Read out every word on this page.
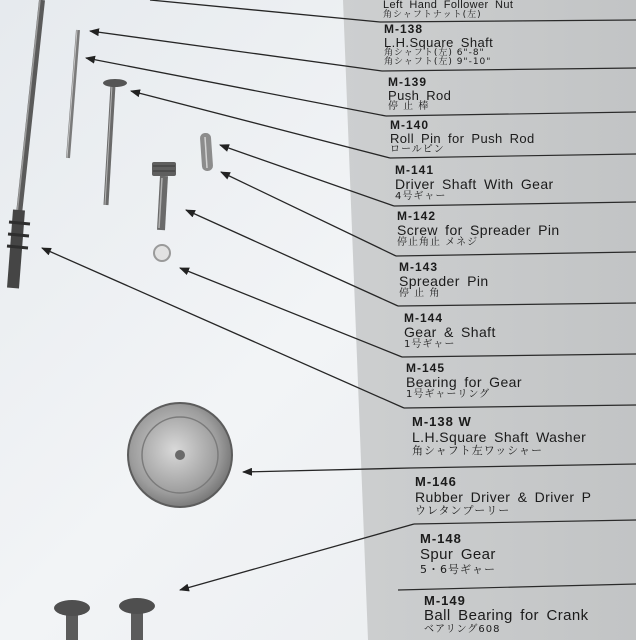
Left Hand Follower Nut
角シャフトナット(左)
M-138
L.H.Square Shaft
角シャフト(左) 6"-8"
角シャフト(左) 9"-10"
M-139
Push Rod
停 止 棒
M-140
Roll Pin for Push Rod
ロールピン
M-141
Driver Shaft With Gear
4号ギャー
M-142
Screw for Spreader Pin
停止角止 メネジ
M-143
Spreader Pin
停 止 角
M-144
Gear & Shaft
1号ギャー
M-145
Bearing for Gear
1号ギャーリング
M-138 W
L.H.Square Shaft Washer
角シャフト左ワッシャー
M-146
Rubber Driver & Driver P
ウレタンプーリー
M-148
Spur Gear
5・6号ギャー
M-149
Ball Bearing for Crank
ベアリング608
